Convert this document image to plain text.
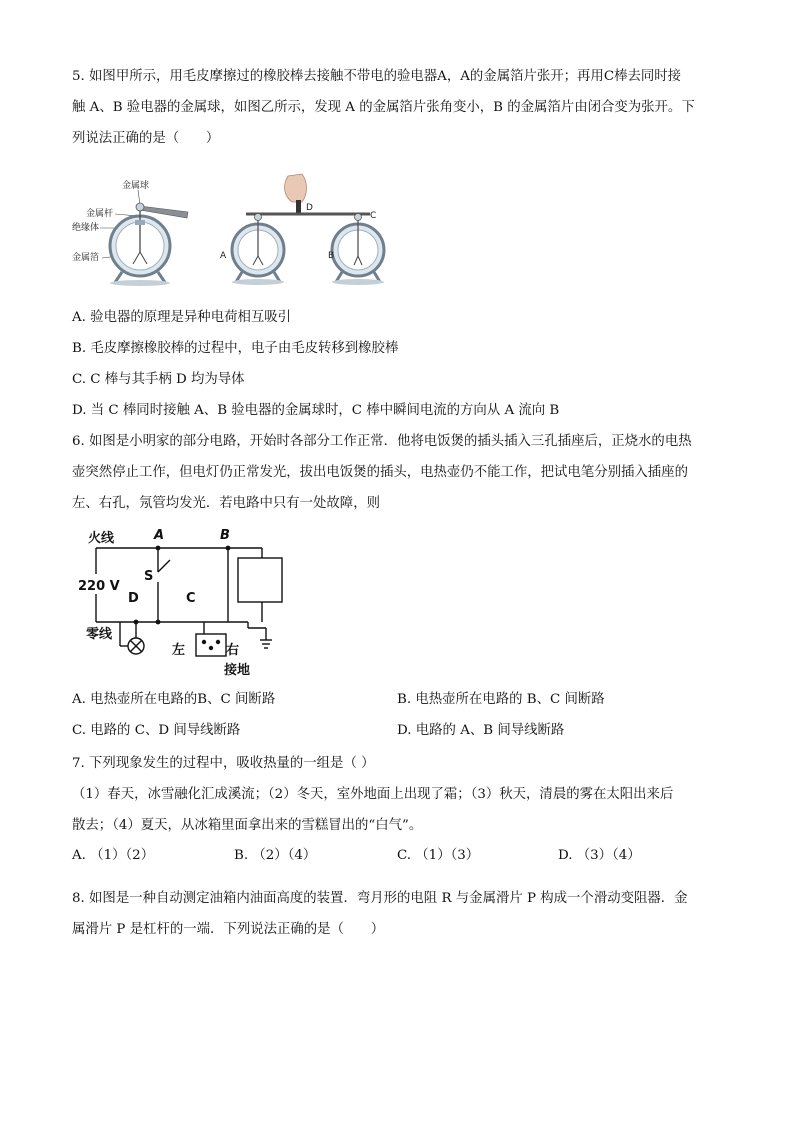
5. 如图甲所示，用毛皮摩擦过的橡胶棒去接触不带电的验电器A，A的金属箔片张开；再用C棒去同时接
触 A、B 验电器的金属球，如图乙所示，发现 A 的金属箔片张角变小，B 的金属箔片由闭合变为张开。下
列说法正确的是（　　）
金属球
金属杆
绝缘体
金属箔
D
C
A	B
A. 验电器的原理是异种电荷相互吸引
B. 毛皮摩擦橡胶棒的过程中，电子由毛皮转移到橡胶棒
C. C 棒与其手柄 D 均为导体
D. 当 C 棒同时接触 A、B 验电器的金属球时，C 棒中瞬间电流的方向从 A 流向 B
6. 如图是小明家的部分电路，开始时各部分工作正常．他将电饭煲的插头插入三孔插座后，正烧水的电热
壶突然停止工作，但电灯仍正常发光，拔出电饭煲的插头，电热壶仍不能工作，把试电笔分别插入插座的
左、右孔，氖管均发光．若电路中只有一处故障，则
火线	A	B
220 V
S
D	C
零线
左	右
接地
A. 电热壶所在电路的B、C 间断路	B. 电热壶所在电路的 B、C 间断路
C. 电路的 C、D 间导线断路	D. 电路的 A、B 间导线断路
7. 下列现象发生的过程中，吸收热量的一组是（ ）
（1）春天，冰雪融化汇成溪流；（2）冬天，室外地面上出现了霜；（3）秋天，清晨的雾在太阳出来后
散去；（4）夏天，从冰箱里面拿出来的雪糕冒出的“白气”。
A. （1）（2）	B. （2）（4）	C. （1）（3）	D. （3）（4）
8. 如图是一种自动测定油箱内油面高度的装置．弯月形的电阻 R 与金属滑片 P 构成一个滑动变阻器．金
属滑片 P 是杠杆的一端．下列说法正确的是（　　）
